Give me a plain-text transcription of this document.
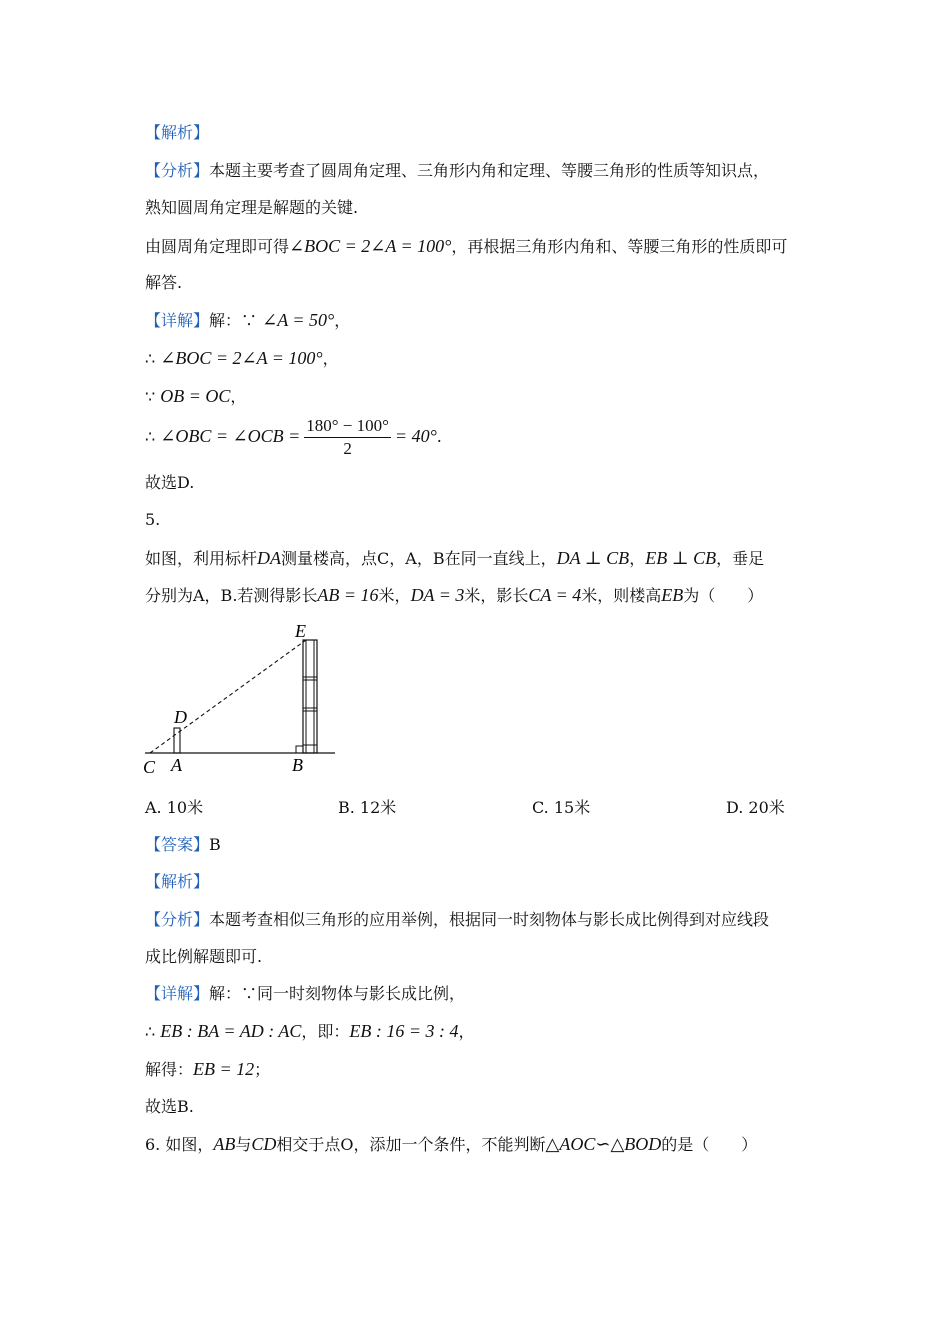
【解析】
【分析】本题主要考查了圆周角定理、三角形内角和定理、等腰三角形的性质等知识点，
熟知圆周角定理是解题的关键.
由圆周角定理即可得∠BOC = 2∠A = 100°，再根据三角形内角和、等腰三角形的性质即可
解答.
【详解】解：∵ ∠A = 50°，
∴ ∠BOC = 2∠A = 100°，
∵ OB = OC，
∴ ∠OBC = ∠OCB = $\frac{180^\circ - 100^\circ}{2} = 40^\circ$.
故选D.
5.
如图，利用标杆DA测量楼高，点C，A，B在同一直线上，DA ⊥ CB，EB ⊥ CB，垂足
分别为A，B.若测得影长AB = 16米，DA = 3米，影长CA = 4米，则楼高EB为（　　）
E
D
C A	B
A. 10米	B. 12米	C. 15米	D. 20米
【答案】B
【解析】
【分析】本题考查相似三角形的应用举例，根据同一时刻物体与影长成比例得到对应线段
成比例解题即可.
【详解】解：∵同一时刻物体与影长成比例，
∴ EB : BA = AD : AC，即：EB : 16 = 3 : 4，
解得：EB = 12；
故选B.
6. 如图，AB与CD相交于点O，添加一个条件，不能判断△AOC∽△BOD的是（　　）
